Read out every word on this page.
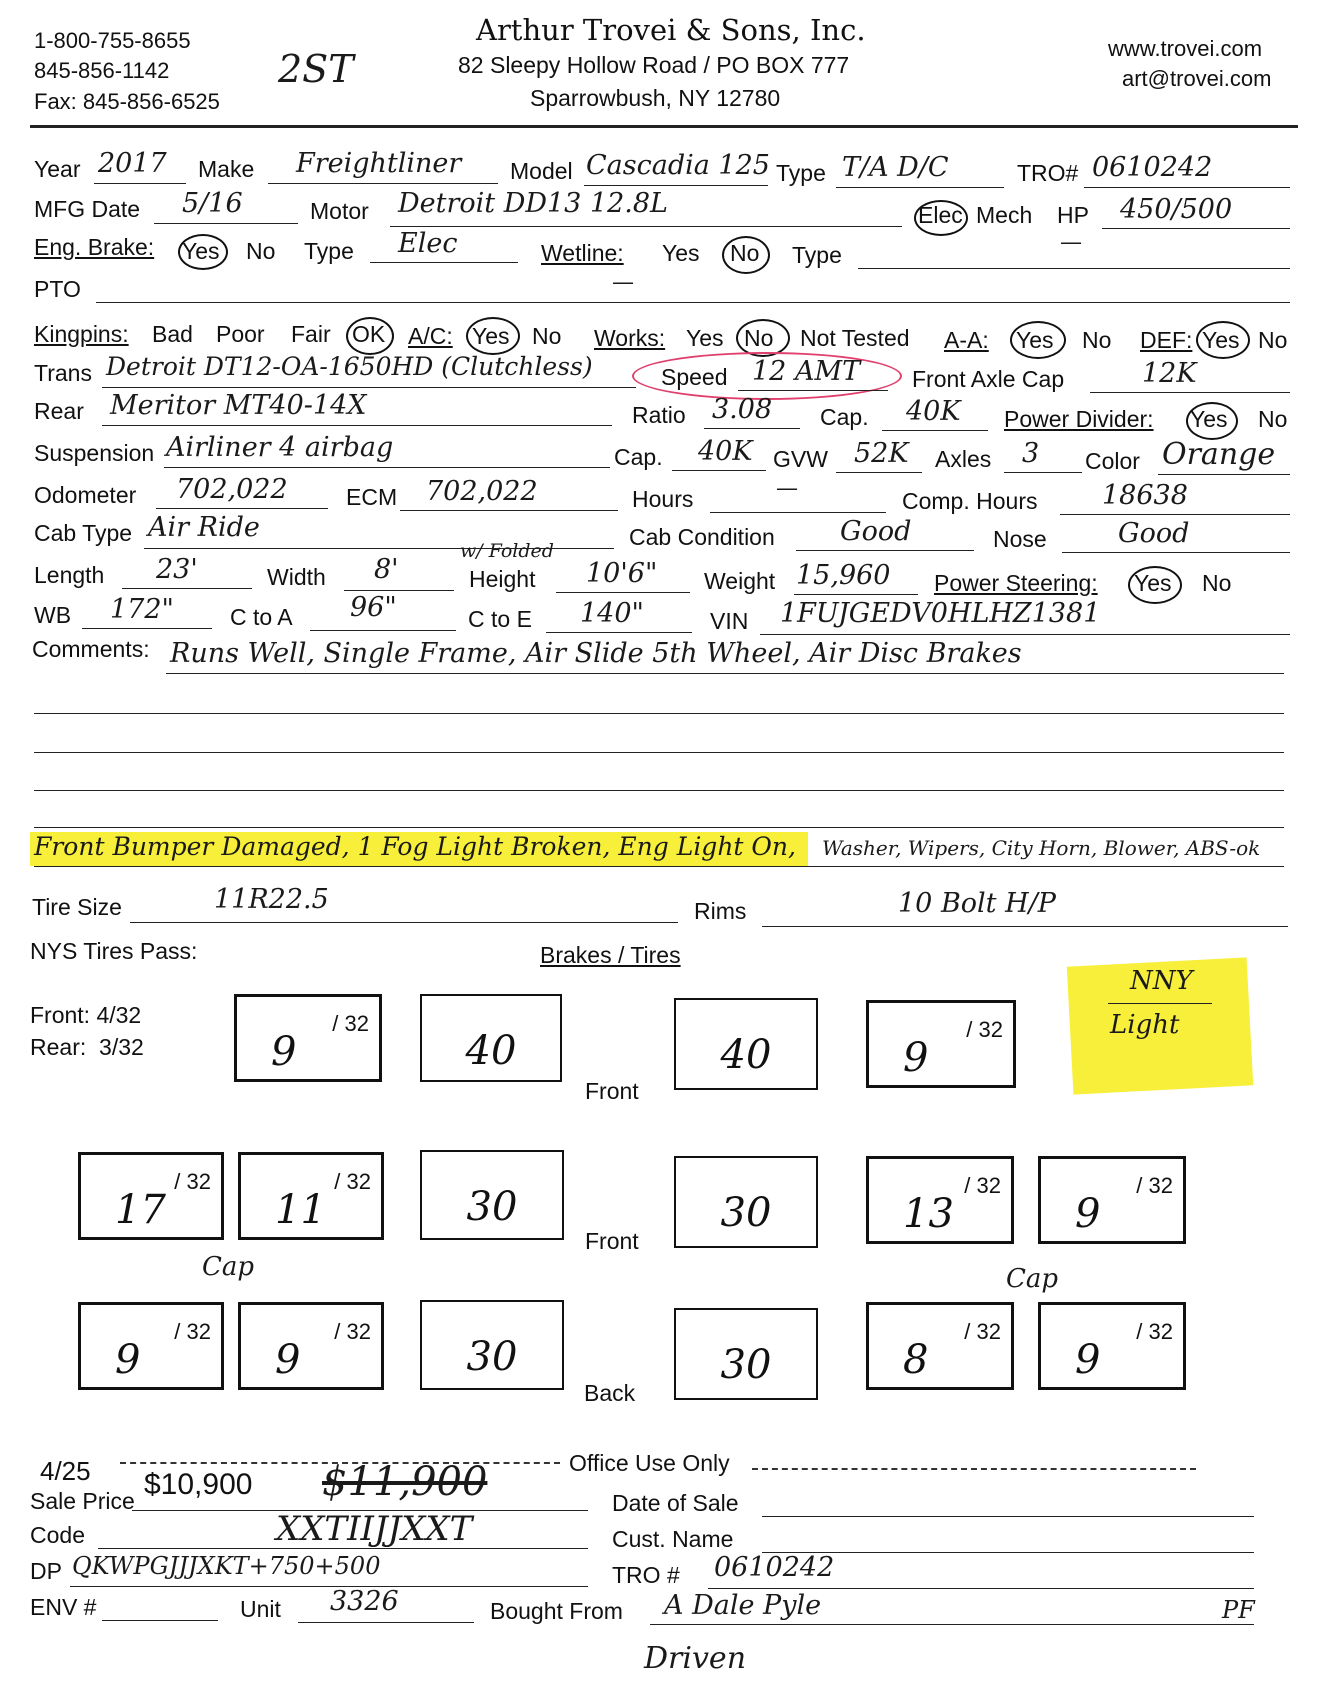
1-800-755-8655
845-856-1142
Fax: 845-856-6525
2ST
Arthur Trovei & Sons, Inc.
82 Sleepy Hollow Road / PO BOX 777
Sparrowbush, NY 12780
www.trovei.com
art@trovei.com
Year 2017 Make Freightliner Model Cascadia 125 Type T/A D/C	TRO# 0610242
MFG Date 5/16	Motor Detroit DD13 12.8L	Elec Mech HP 450/500
—
Eng. Brake: Yes No Type Elec	Wetline: Yes No Type
—
PTO
Kingpins: Bad Poor Fair OK A/C: Yes No Works: Yes No Not Tested A-A: Yes No DEF: Yes No
Trans Detroit DT12-OA-1650HD (Clutchless)	Speed 12 AMT Front Axle Cap	12K
Rear Meritor MT40-14X	Ratio 3.08 Cap. 40K Power Divider: Yes No
Suspension Airliner 4 airbag	Cap. 40K GVW 52K Axles 3 Color Orange
Odometer 702,022	ECM 702,022	Hours	—	Comp. Hours 18638
Cab Type Air Ride	Cab Condition Good	Nose	Good
Length 23'	Width 8'
w/ Folded
Height 10'6" Weight 15,960 Power Steering: Yes No
WB 172" C to A 96"	C to E 140"	VIN 1FUJGEDV0HLHZ1381
Comments: Runs Well, Single Frame, Air Slide 5th Wheel, Air Disc Brakes
Front Bumper Damaged, 1 Fog Light Broken, Eng Light On, Washer, Wipers, City Horn, Blower, ABS-ok
Tire Size	11R22.5	Rims	10 Bolt H/P
NYS Tires Pass:	Brakes / Tires
Front: 4/32
Rear:  3/32
NNY
Light
/ 32
9	40
Front
40
/ 32
9
/ 32
17
/ 32
11	30
Front
30
/ 32
13
/ 32
9
Cap	Cap
/ 32
9
/ 32
9	30
Back
30
/ 32
8
/ 32
9
Office Use Only
4/25
Sale Price $10,900 $11,900	Date of Sale
Code	XXTIIJJXXT	Cust. Name
DP QKWPGJJJXKT+750+500	TRO # 0610242
ENV #	Unit 3326	Bought From A Dale Pyle	PF
Driven
